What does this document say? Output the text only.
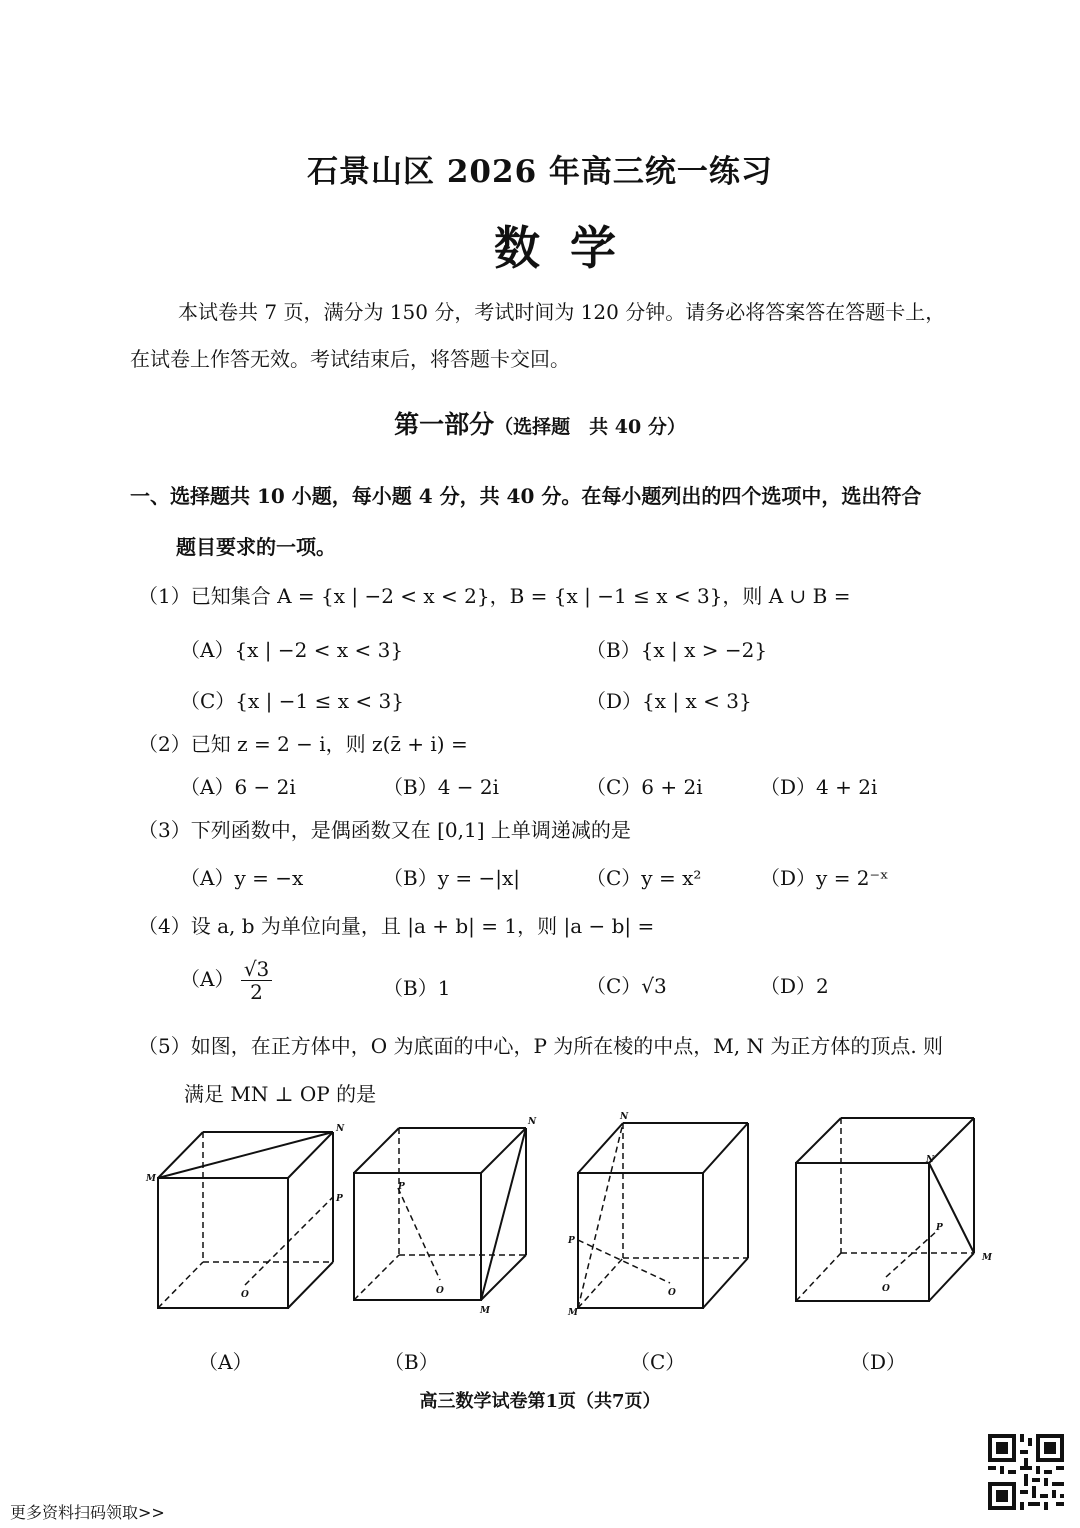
石景山区 2026 年高三统一练习
数学
本试卷共 7 页，满分为 150 分，考试时间为 120 分钟。请务必将答案答在答题卡上，
在试卷上作答无效。考试结束后，将答题卡交回。
第一部分（选择题　共 40 分）
一、选择题共 10 小题，每小题 4 分，共 40 分。在每小题列出的四个选项中，选出符合
题目要求的一项。
（1）已知集合 A = {x | −2 < x < 2}，B = {x | −1 ≤ x < 3}，则 A ∪ B =
（A）{x | −2 < x < 3}	（B）{x | x > −2}
（C）{x | −1 ≤ x < 3}	（D）{x | x < 3}
（2）已知 z = 2 − i，则 z(z̄ + i) =
（A）6 − 2i	（B）4 − 2i	（C）6 + 2i	（D）4 + 2i
（3）下列函数中，是偶函数又在 [0,1] 上单调递减的是
（A）y = −x	（B）y = −|x|	（C）y = x²	（D）y = 2⁻ˣ
（4）设 a, b 为单位向量，且 |a + b| = 1，则 |a − b| =
$(A) \frac{√3}{2}$	（B）1	（C）√3	（D）2
（5）如图，在正方体中，O 为底面的中心，P 为所在棱的中点，M, N 为正方体的顶点. 则
满足 MN ⊥ OP 的是
M
N
O
P
M
N
O
P
M
N
O
P
M
N
O
P
（A）	（B）	（C）	（D）
高三数学试卷第1页（共7页）
更多资料扫码领取>>
